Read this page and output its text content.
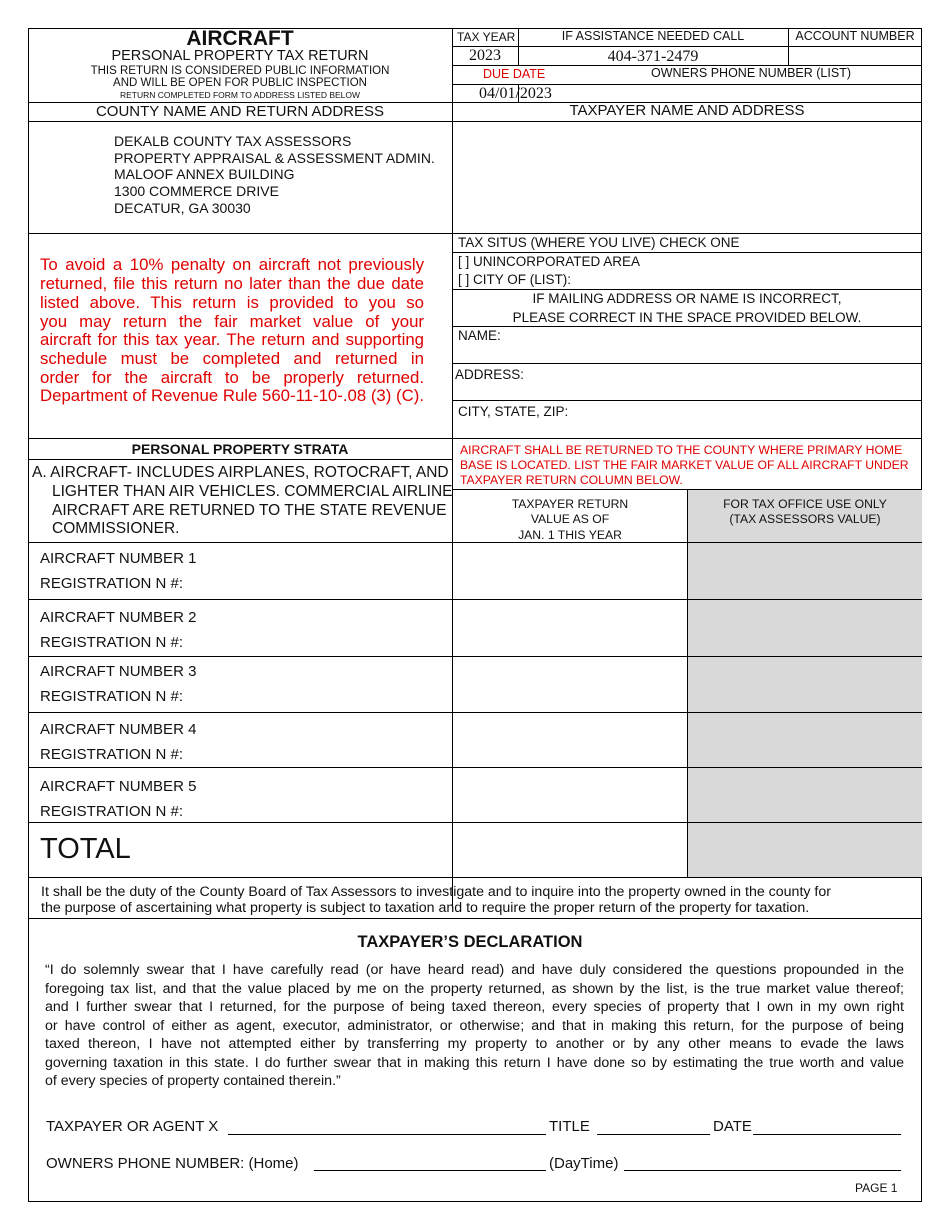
AIRCRAFT
PERSONAL PROPERTY TAX RETURN
THIS RETURN IS CONSIDERED PUBLIC INFORMATION
AND WILL BE OPEN FOR PUBLIC INSPECTION
RETURN COMPLETED FORM TO ADDRESS LISTED BELOW
TAX YEAR	IF ASSISTANCE NEEDED CALL	ACCOUNT NUMBER
2023	404-371-2479
DUE DATE	OWNERS PHONE NUMBER (LIST)
04/01/2023
COUNTY NAME AND RETURN ADDRESS	TAXPAYER NAME AND ADDRESS
DEKALB COUNTY TAX ASSESSORS
PROPERTY APPRAISAL & ASSESSMENT ADMIN.
MALOOF ANNEX BUILDING
1300 COMMERCE DRIVE
DECATUR, GA 30030
To avoid a 10% penalty on aircraft not previously
returned, file this return no later than the due date
listed above. This return is provided to you so
you may return the fair market value of your
aircraft for this tax year. The return and supporting
schedule must be completed and returned in
order for the aircraft to be properly returned.
Department of Revenue Rule 560-11-10-.08 (3) (C).
TAX SITUS (WHERE YOU LIVE) CHECK ONE
[ ] UNINCORPORATED AREA
[ ] CITY OF (LIST):
IF MAILING ADDRESS OR NAME IS INCORRECT,
PLEASE CORRECT IN THE SPACE PROVIDED BELOW.
NAME:
ADDRESS:
CITY, STATE, ZIP:
PERSONAL PROPERTY STRATA
A. AIRCRAFT- INCLUDES AIRPLANES, ROTOCRAFT, AND
LIGHTER THAN AIR VEHICLES. COMMERCIAL AIRLINE
AIRCRAFT ARE RETURNED TO THE STATE REVENUE
COMMISSIONER.
AIRCRAFT SHALL BE RETURNED TO THE COUNTY WHERE PRIMARY HOME
BASE IS LOCATED. LIST THE FAIR MARKET VALUE OF ALL AIRCRAFT UNDER
TAXPAYER RETURN COLUMN BELOW.
TAXPAYER RETURN
VALUE AS OF
JAN. 1 THIS YEAR
FOR TAX OFFICE USE ONLY
(TAX ASSESSORS VALUE)
AIRCRAFT NUMBER 1
REGISTRATION N #:
AIRCRAFT NUMBER 2
REGISTRATION N #:
AIRCRAFT NUMBER 3
REGISTRATION N #:
AIRCRAFT NUMBER 4
REGISTRATION N #:
AIRCRAFT NUMBER 5
REGISTRATION N #:
TOTAL
It shall be the duty of the County Board of Tax Assessors to investigate and to inquire into the property owned in the county for
the purpose of ascertaining what property is subject to taxation and to require the proper return of the property for taxation.
TAXPAYER’S DECLARATION
“I do solemnly swear that I have carefully read (or have heard read) and have duly considered the questions propounded in the
foregoing tax list, and that the value placed by me on the property returned, as shown by the list, is the true market value thereof;
and I further swear that I returned, for the purpose of being taxed thereon, every species of property that I own in my own right
or have control of either as agent, executor, administrator, or otherwise; and that in making this return, for the purpose of being
taxed thereon, I have not attempted either by transferring my property to another or by any other means to evade the laws
governing taxation in this state. I do further swear that in making this return I have done so by estimating the true worth and value
of every species of property contained therein.”
TAXPAYER OR AGENT X	TITLE	DATE
OWNERS PHONE NUMBER: (Home)	(DayTime)
PAGE 1
